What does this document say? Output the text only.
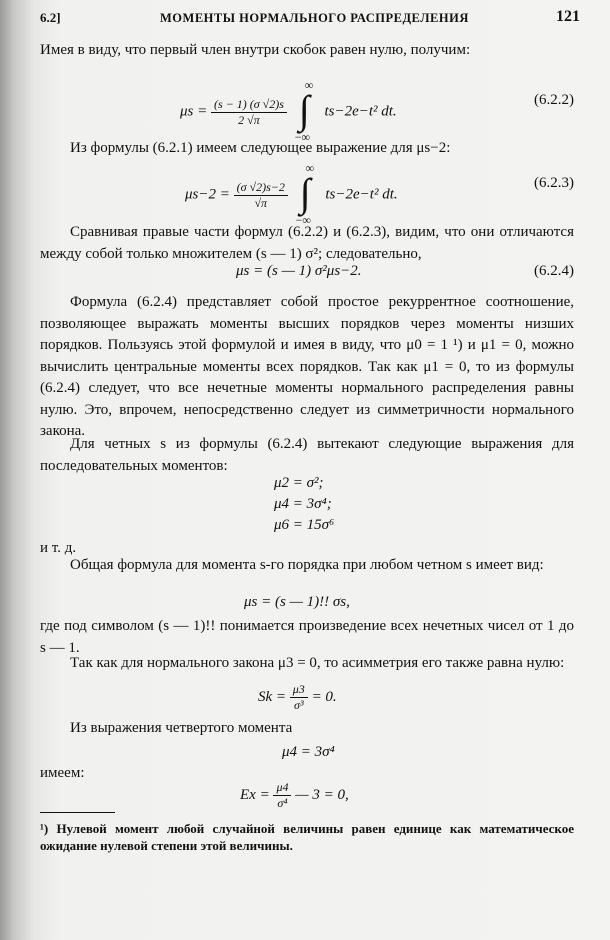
6.2]	МОМЕНТЫ НОРМАЛЬНОГО РАСПРЕДЕЛЕНИЯ	121
Имея в виду, что первый член внутри скобок равен нулю, получим:
$\mu s = \frac{(s - 1) (\sigma √2)s}{2 √\pi}$
∫
∞
−∞
ts−2e−t² dt.
(6.2.2)
Из формулы (6.2.1) имеем следующее выражение для μs−2:
$\mu s-2 = \frac{(\sigma √2)s-2}{√\pi}$
∫
∞
−∞
ts−2e−t² dt.
(6.2.3)
Сравнивая правые части формул (6.2.2) и (6.2.3), видим, что они отличаются между собой только множителем (s — 1) σ²; следовательно,
μs = (s — 1) σ²μs−2.	(6.2.4)
Формула (6.2.4) представляет собой простое рекуррентное соотношение, позволяющее выражать моменты высших порядков через моменты низших порядков. Пользуясь этой формулой и имея в виду, что μ0 = 1 ¹) и μ1 = 0, можно вычислить центральные моменты всех порядков. Так как μ1 = 0, то из формулы (6.2.4) следует, что все нечетные моменты нормального распределения равны нулю. Это, впрочем, непосредственно следует из симметричности нормального закона.
Для четных s из формулы (6.2.4) вытекают следующие выражения для последовательных моментов:
μ2 = σ²;
μ4 = 3σ⁴;
μ6 = 15σ⁶
и т. д.
Общая формула для момента s-го порядка при любом четном s имеет вид:
μs = (s — 1)!! σs,
где под символом (s — 1)!! понимается произведение всех нечетных чисел от 1 до s — 1.
Так как для нормального закона μ3 = 0, то асимметрия его также равна нулю:
$Sk = \frac{\mu 3}{\text{σ³}} = 0$.
Из выражения четвертого момента
μ4 = 3σ⁴
имеем:
$Ex = \frac{\mu 4}{\text{σ⁴}}$ — 3 = 0,
¹) Нулевой момент любой случайной величины равен единице как математическое ожидание нулевой степени этой величины.
